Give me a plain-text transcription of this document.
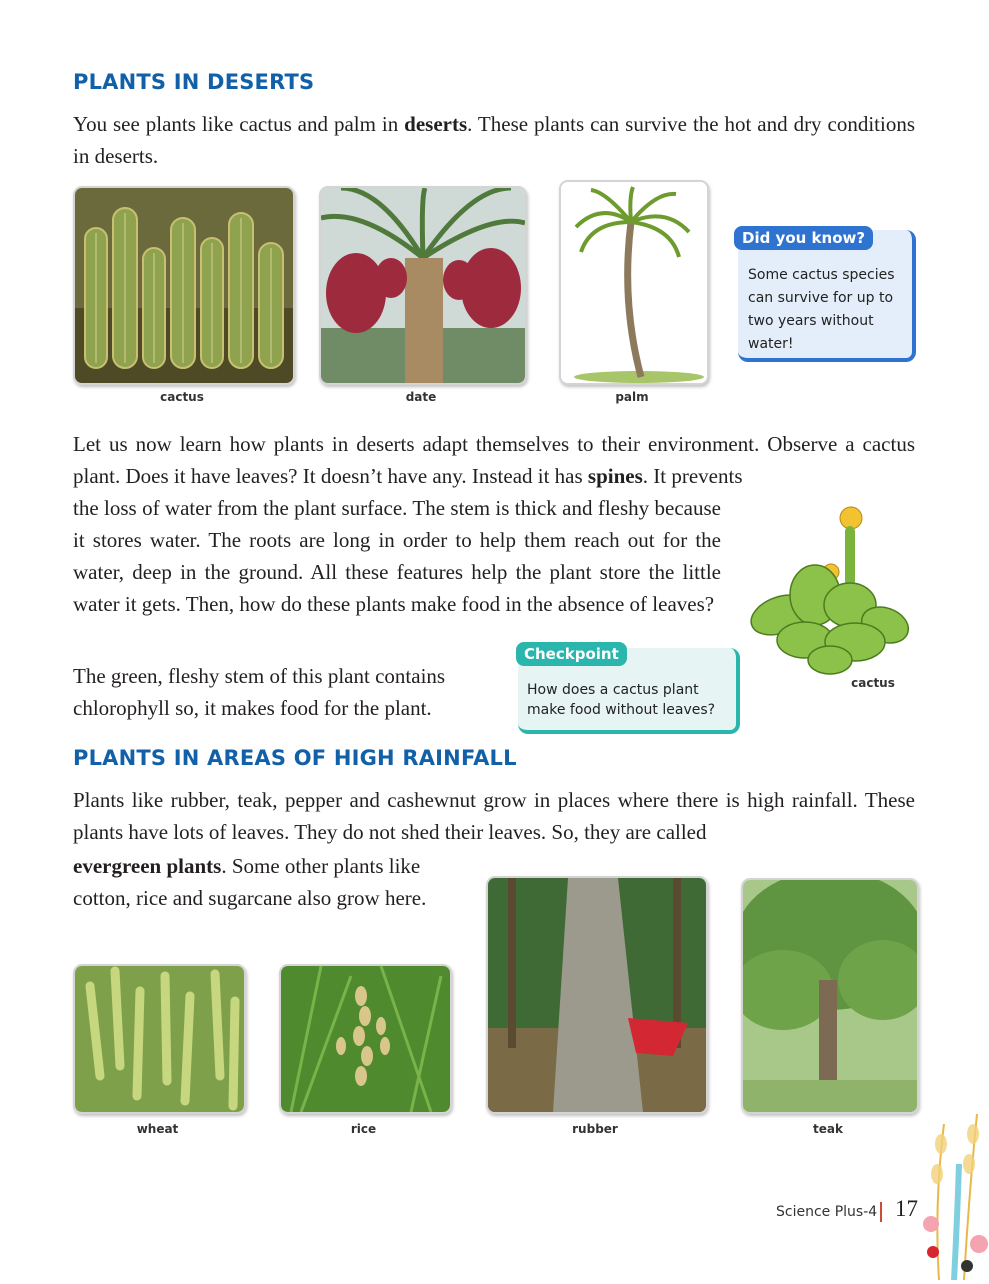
PLANTS IN DESERTS

You see plants like cactus and palm in deserts. These plants can survive the hot and dry conditions in deserts.

cactus	date	palm
Did you know?
Some cactus species can survive for up to two years without water!

Let us now learn how plants in deserts adapt themselves to their environment. Observe a cactus plant. Does it have leaves? It doesn’t have any. Instead it has spines. It prevents

the loss of water from the plant surface. The stem is thick and fleshy because it stores water. The roots are long in order to help them reach out for the water, deep in the ground. All these features help the plant store the little water it gets. Then, how do these plants make food in the absence of leaves?

The green, fleshy stem of this plant contains chlorophyll so, it makes food for the plant.

cactus
Checkpoint
How does a cactus plant make food without leaves?
PLANTS IN AREAS OF HIGH RAINFALL

Plants like rubber, teak, pepper and cashewnut grow in places where there is high rainfall. These plants have lots of leaves. They do not shed their leaves. So, they are called

evergreen plants. Some other plants like cotton, rice and sugarcane also grow here.

wheat	rice	rubber	teak
Science Plus-4 17
